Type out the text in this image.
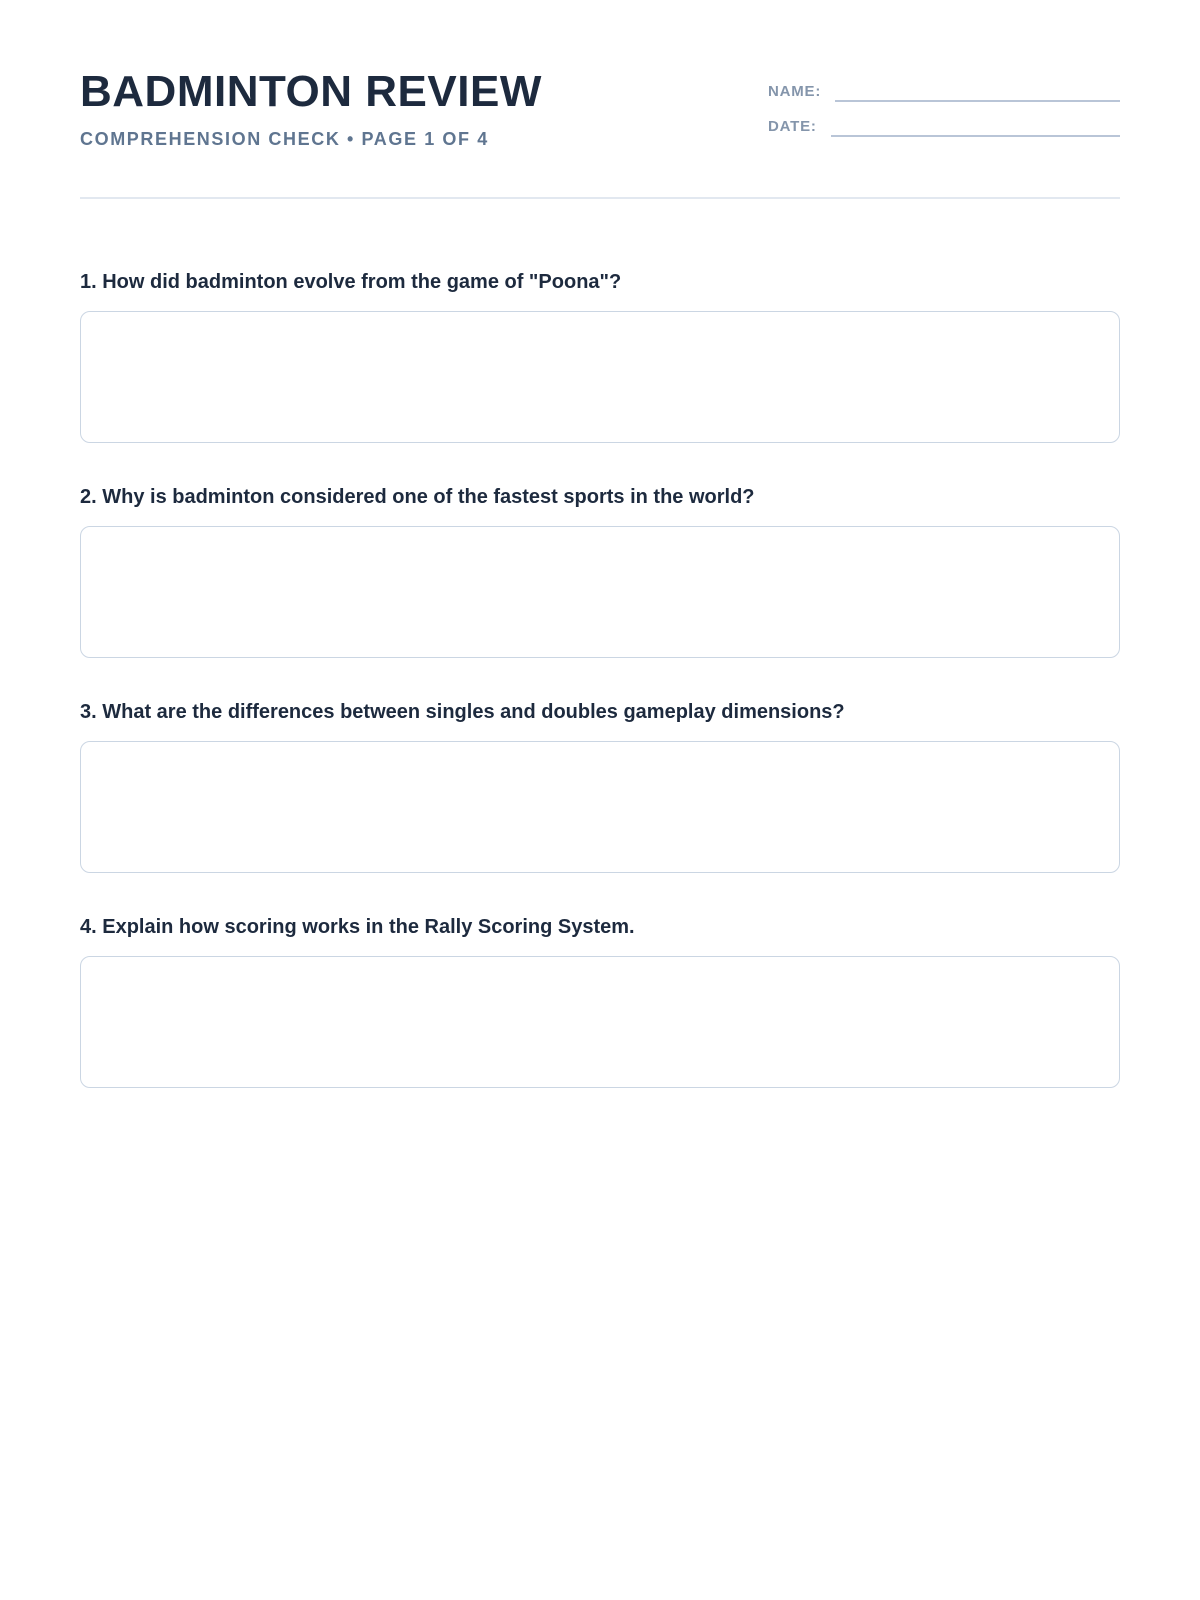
BADMINTON REVIEW
COMPREHENSION CHECK • PAGE 1 OF 4
NAME:
DATE:
1. How did badminton evolve from the game of "Poona"?
2. Why is badminton considered one of the fastest sports in the world?
3. What are the differences between singles and doubles gameplay dimensions?
4. Explain how scoring works in the Rally Scoring System.
